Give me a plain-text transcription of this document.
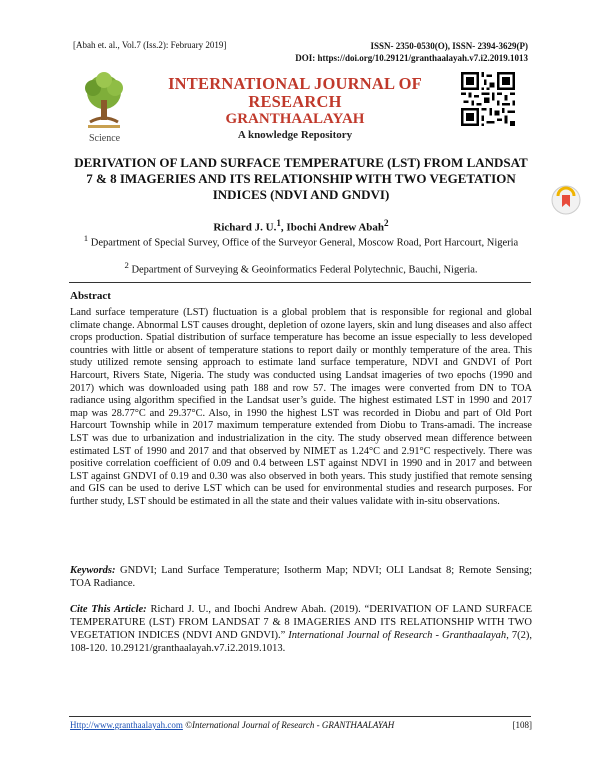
[Abah et. al., Vol.7 (Iss.2): February 2019]	ISSN- 2350-0530(O), ISSN- 2394-3629(P)
DOI: https://doi.org/10.29121/granthaalayah.v7.i2.2019.1013
Science
INTERNATIONAL JOURNAL OF RESEARCH
GRANTHAALAYAH
A knowledge Repository
DERIVATION OF LAND SURFACE TEMPERATURE (LST) FROM LANDSAT 7 & 8 IMAGERIES AND ITS RELATIONSHIP WITH TWO VEGETATION INDICES (NDVI AND GNDVI)
Richard J. U.$^1$, Ibochi Andrew Abah$^2$
$^1$ Department of Special Survey, Office of the Surveyor General, Moscow Road, Port Harcourt, Nigeria
$^2$ Department of Surveying & Geoinformatics Federal Polytechnic, Bauchi, Nigeria.
Abstract
Land surface temperature (LST) fluctuation is a global problem that is responsible for regional and global climate change. Abnormal LST causes drought, depletion of ozone layers, skin and lung diseases and also affect crops production. Spatial distribution of surface temperature has become an issue especially to less developed countries with little or absent of temperature stations to report daily or monthly temperature of the area. This study utilized remote sensing approach to estimate land surface temperature, NDVI and GNDVI of Port Harcourt, Rivers State, Nigeria. The study was conducted using Landsat imageries of two epochs (1990 and 2017) which was downloaded using path 188 and row 57. The images were converted from DN to TOA radiance using algorithm specified in the Landsat user’s guide. The highest estimated LST in 1990 and 2017 map was 28.77°C and 29.37°C. Also, in 1990 the highest LST was recorded in Diobu and part of Old Port Harcourt Township while in 2017 maximum temperature extended from Diobu to Trans-amadi. The increase LST was due to urbanization and industrialization in the city. The study observed mean difference between estimated LST of 1990 and 2017 and that observed by NIMET as 1.24°C and 2.91°C respectively. There was positive correlation coefficient of 0.09 and 0.4 between LST against NDVI in 1990 and in 2017 and between LST against GNDVI of 0.19 and 0.30 was also observed in both years. This study justified that remote sensing and GIS can be used to derive LST which can be used for environmental studies and research purposes. For further study, LST should be estimated in all the state and their values validate with in-situ observations.
Keywords: GNDVI; Land Surface Temperature; Isotherm Map; NDVI; OLI Landsat 8; Remote Sensing; TOA Radiance.
Cite This Article: Richard J. U., and Ibochi Andrew Abah. (2019). “DERIVATION OF LAND SURFACE TEMPERATURE (LST) FROM LANDSAT 7 & 8 IMAGERIES AND ITS RELATIONSHIP WITH TWO VEGETATION INDICES (NDVI AND GNDVI).” International Journal of Research - Granthaalayah, 7(2), 108-120. 10.29121/granthaalayah.v7.i2.2019.1013.
Http://www.granthaalayah.com ©International Journal of Research - GRANTHAALAYAH	[108]
